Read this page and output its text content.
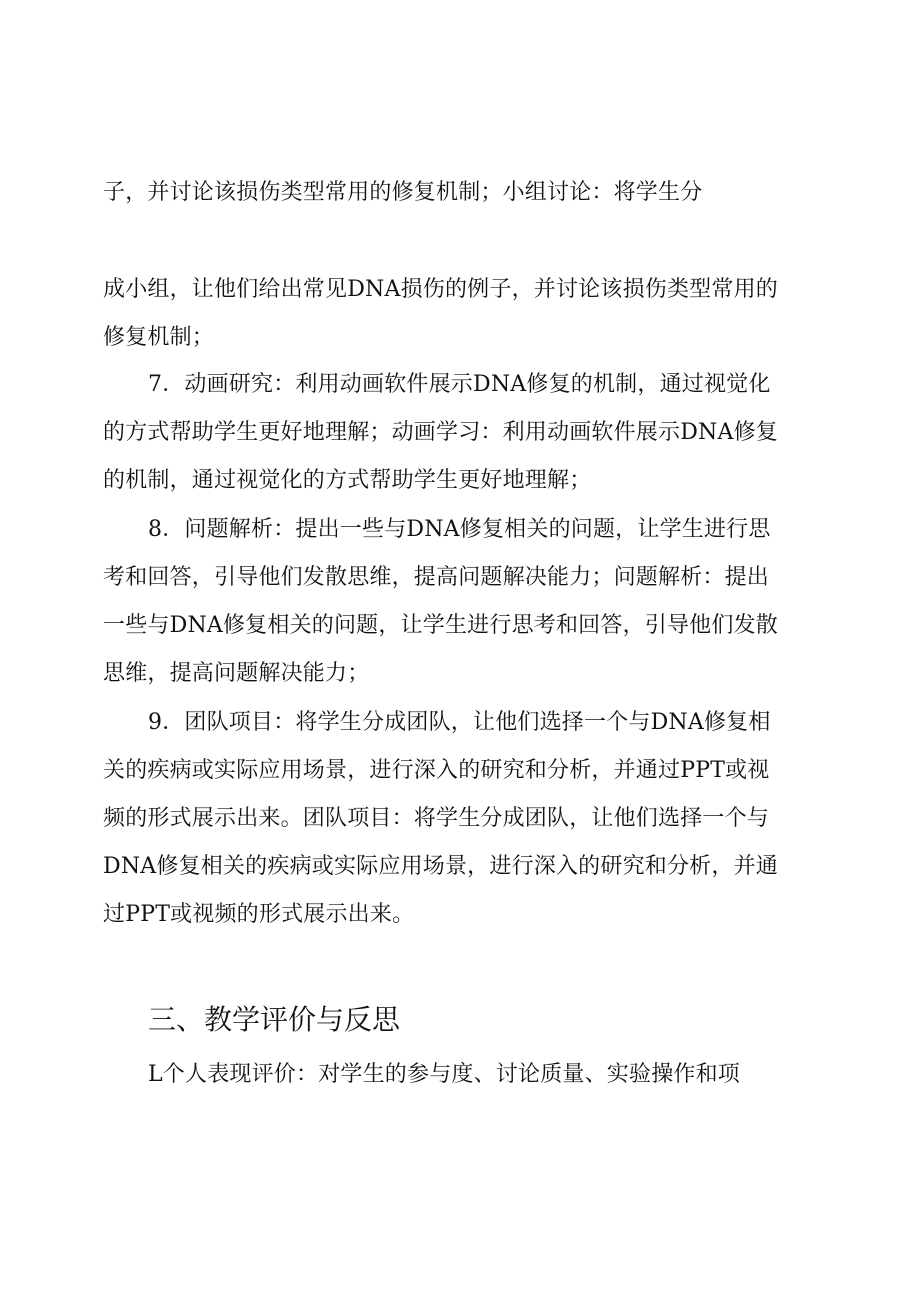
子，并讨论该损伤类型常用的修复机制；小组讨论：将学生分
成小组，让他们给出常见DNA损伤的例子，并讨论该损伤类型常用的
修复机制；
7．动画研究：利用动画软件展示DNA修复的机制，通过视觉化
的方式帮助学生更好地理解；动画学习：利用动画软件展示DNA修复
的机制，通过视觉化的方式帮助学生更好地理解；
8．问题解析：提出一些与DNA修复相关的问题，让学生进行思
考和回答，引导他们发散思维，提高问题解决能力；问题解析：提出
一些与DNA修复相关的问题，让学生进行思考和回答，引导他们发散
思维，提高问题解决能力；
9．团队项目：将学生分成团队，让他们选择一个与DNA修复相
关的疾病或实际应用场景，进行深入的研究和分析，并通过PPT或视
频的形式展示出来。团队项目：将学生分成团队，让他们选择一个与
DNA修复相关的疾病或实际应用场景，进行深入的研究和分析，并通
过PPT或视频的形式展示出来。
三、教学评价与反思
L个人表现评价：对学生的参与度、讨论质量、实验操作和项
